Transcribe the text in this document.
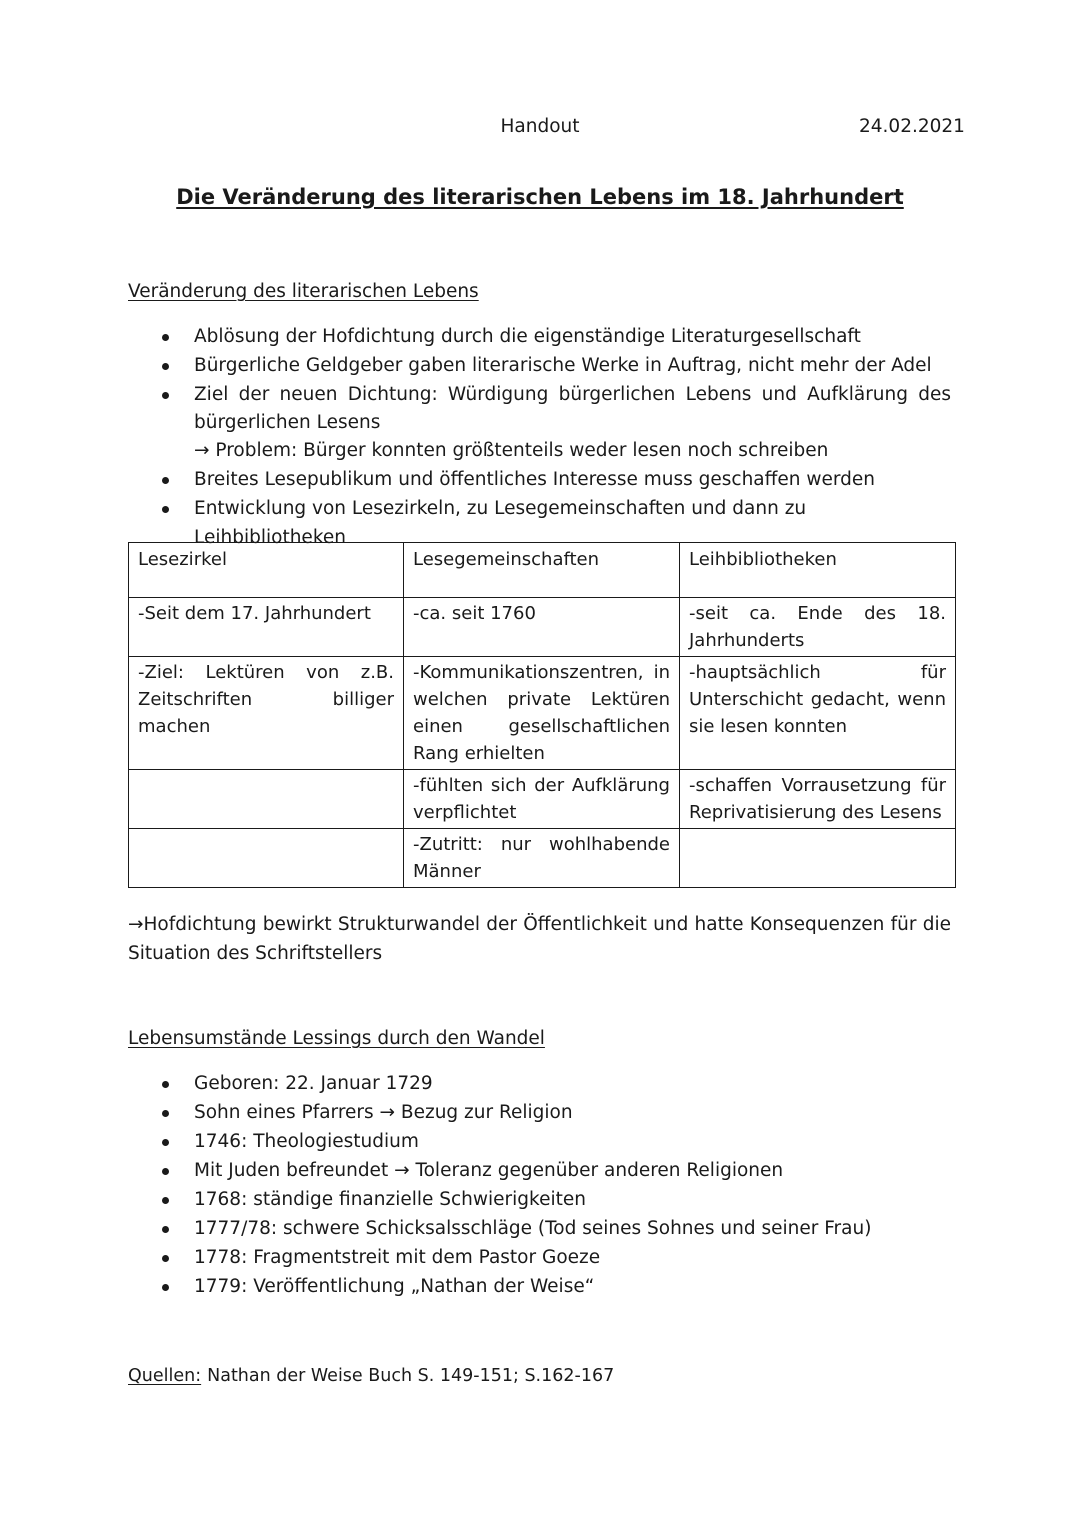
Handout	24.02.2021
Die Veränderung des literarischen Lebens im 18. Jahrhundert
Veränderung des literarischen Lebens
Ablösung der Hofdichtung durch die eigenständige Literaturgesellschaft
Bürgerliche Geldgeber gaben literarische Werke in Auftrag, nicht mehr der Adel
Ziel der neuen Dichtung: Würdigung bürgerlichen Lebens und Aufklärung des
bürgerlichen Lesens
→ Problem: Bürger konnten größtenteils weder lesen noch schreiben
Breites Lesepublikum und öffentliches Interesse muss geschaffen werden
Entwicklung von Lesezirkeln, zu Lesegemeinschaften und dann zu Leihbibliotheken
Lesezirkel	Lesegemeinschaften	Leihbibliotheken
-Seit dem 17. Jahrhundert	-ca. seit 1760	-seit ca. Ende des 18. Jahrhunderts
-Ziel: Lektüren von z.B. Zeitschriften billiger machen	-Kommunikationszentren, in welchen private Lektüren einen gesellschaftlichen Rang erhielten	-hauptsächlich für Unterschicht gedacht, wenn sie lesen konnten
	-fühlten sich der Aufklärung verpflichtet	-schaffen Vorrausetzung für Reprivatisierung des Lesens
	-Zutritt: nur wohlhabende Männer	
→Hofdichtung bewirkt Strukturwandel der Öffentlichkeit und hatte Konsequenzen für die Situation des Schriftstellers
Lebensumstände Lessings durch den Wandel
Geboren: 22. Januar 1729
Sohn eines Pfarrers → Bezug zur Religion
1746: Theologiestudium
Mit Juden befreundet → Toleranz gegenüber anderen Religionen
1768: ständige finanzielle Schwierigkeiten
1777/78: schwere Schicksalsschläge (Tod seines Sohnes und seiner Frau)
1778: Fragmentstreit mit dem Pastor Goeze
1779: Veröffentlichung „Nathan der Weise“
Quellen: Nathan der Weise Buch S. 149-151; S.162-167
